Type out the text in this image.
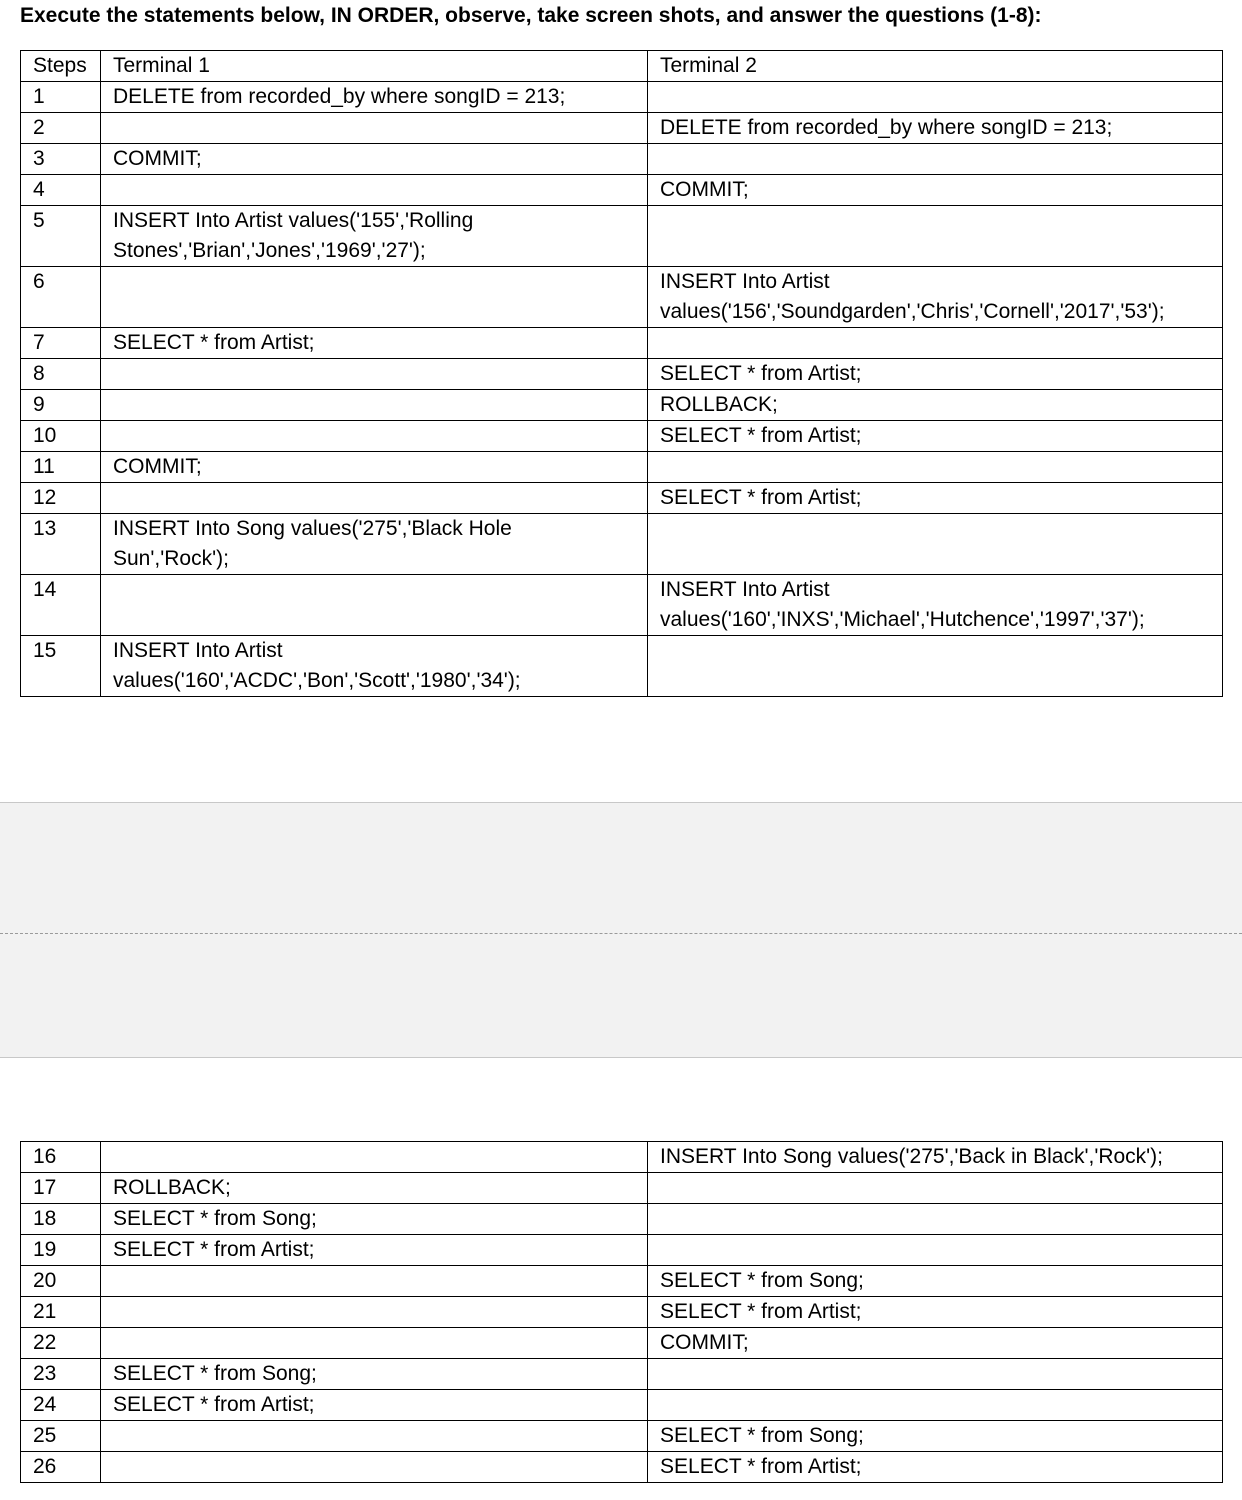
Execute the statements below, IN ORDER, observe, take screen shots, and answer the questions (1-8):
Steps	Terminal 1	Terminal 2
1	DELETE from recorded_by where songID = 213;	
2		DELETE from recorded_by where songID = 213;
3	COMMIT;	
4		COMMIT;
5	INSERT Into Artist values('155','Rolling Stones','Brian','Jones','1969','27');	
6		INSERT Into Artist values('156','Soundgarden','Chris','Cornell','2017','53');
7	SELECT * from Artist;	
8		SELECT * from Artist;
9		ROLLBACK;
10		SELECT * from Artist;
11	COMMIT;	
12		SELECT * from Artist;
13	INSERT Into Song values('275','Black Hole Sun','Rock');	
14		INSERT Into Artist values('160','INXS','Michael','Hutchence','1997','37');
15	INSERT Into Artist values('160','ACDC','Bon','Scott','1980','34');	
16		INSERT Into Song values('275','Back in Black','Rock');
17	ROLLBACK;	
18	SELECT * from Song;	
19	SELECT * from Artist;	
20		SELECT * from Song;
21		SELECT * from Artist;
22		COMMIT;
23	SELECT * from Song;	
24	SELECT * from Artist;	
25		SELECT * from Song;
26		SELECT * from Artist;
